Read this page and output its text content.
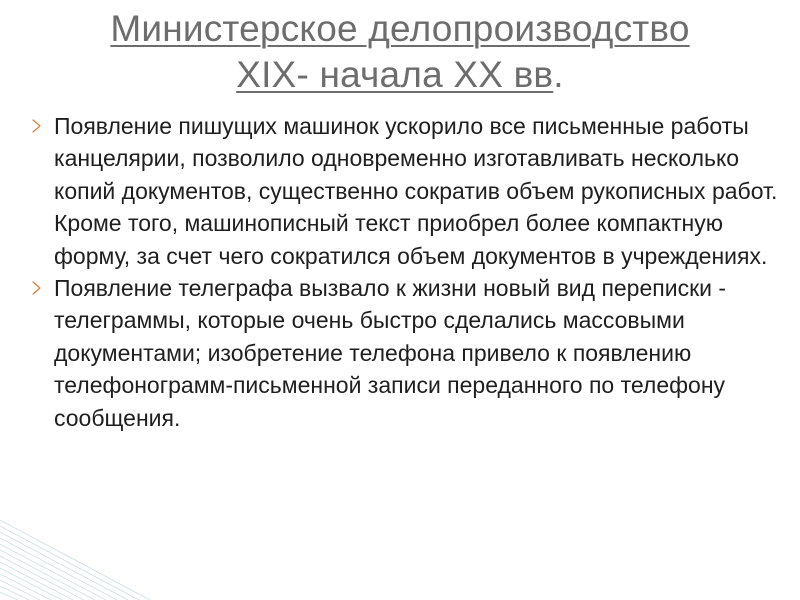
Министерское делопроизводство
XIX- начала XX вв.
Появление пишущих машинок ускорило все письменные работы канцелярии, позволило одновременно изготавливать несколько копий документов, существенно сократив объем рукописных работ. Кроме того, машинописный текст приобрел более компактную форму, за счет чего сократился объем документов в учреждениях.
Появление телеграфа вызвало к жизни новый вид переписки - телеграммы, которые очень быстро сделались массовыми документами; изобретение телефона привело к появлению телефонограмм-письменной записи переданного по телефону сообщения.
